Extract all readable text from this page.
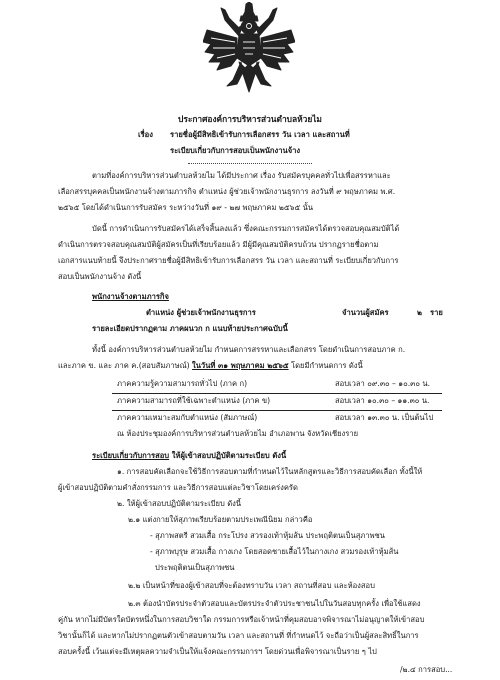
ประกาศองค์การบริหารส่วนตำบลห้วยไม
เรื่อง รายชื่อผู้มีสิทธิเข้ารับการเลือกสรร วัน เวลา และสถานที่
ระเบียบเกี่ยวกับการสอบเป็นพนักงานจ้าง
ตามที่องค์การบริหารส่วนตำบลห้วยไม ได้มีประกาศ เรื่อง รับสมัครบุคคลทั่วไปเพื่อสรรหาและ
เลือกสรรบุคคลเป็นพนักงานจ้างตามภารกิจ ตำแหน่ง ผู้ช่วยเจ้าพนักงานธุรการ ลงวันที่ ๙ พฤษภาคม พ.ศ.
๒๕๖๕ โดยได้ดำเนินการรับสมัคร ระหว่างวันที่ ๑๙ - ๒๗ พฤษภาคม ๒๕๖๕ นั้น
บัดนี้ การดำเนินการรับสมัครได้เสร็จสิ้นลงแล้ว ซึ่งคณะกรรมการสมัครได้ตรวจสอบคุณสมบัติได้
ดำเนินการตรวจสอบคุณสมบัติผู้สมัครเป็นที่เรียบร้อยแล้ว มีผู้มีคุณสมบัติครบถ้วน ปรากฏรายชื่อตาม
เอกสารแนบท้ายนี้ จึงประกาศรายชื่อผู้มีสิทธิเข้ารับการเลือกสรร วัน เวลา และสถานที่ ระเบียบเกี่ยวกับการ
สอบเป็นพนักงานจ้าง ดังนี้
พนักงานจ้างตามภารกิจ
ตำแหน่ง ผู้ช่วยเจ้าพนักงานธุรการ	จำนวนผู้สมัคร	๒ ราย
รายละเอียดปรากฏตาม ภาคผนวก ก แนบท้ายประกาศฉบับนี้
ทั้งนี้ องค์การบริหารส่วนตำบลห้วยไม กำหนดการสรรหาและเลือกสรร โดยดำเนินการสอบภาค ก.
และภาค ข. และ ภาค ค.(สอบสัมภาษณ์) ในวันที่ ๓๑ พฤษภาคม ๒๕๖๕ โดยมีกำหนดการ ดังนี้
ภาคความรู้ความสามารถทั่วไป (ภาค ก)	สอบเวลา ๐๙.๓๐ – ๑๐.๓๐ น.
ภาคความสามารถที่ใช้เฉพาะตำแหน่ง (ภาค ข)	สอบเวลา ๑๐.๓๐ – ๑๑.๓๐ น.
ภาคความเหมาะสมกับตำแหน่ง (สัมภาษณ์)	สอบเวลา ๑๓.๓๐ น. เป็นต้นไป
ณ ห้องประชุมองค์การบริหารส่วนตำบลห้วยไม อำเภอพาน จังหวัดเชียงราย
ระเบียบเกี่ยวกับการสอบ ให้ผู้เข้าสอบปฏิบัติตามระเบียบ ดังนี้
๑. การสอบคัดเลือกจะใช้วิธีการสอบตามที่กำหนดไว้ในหลักสูตรและวิธีการสอบคัดเลือก ทั้งนี้ให้
ผู้เข้าสอบปฏิบัติตามคำสั่งกรรมการ และวิธีการสอบแต่ละวิชาโดยเคร่งครัด
๒. ให้ผู้เข้าสอบปฏิบัติตามระเบียบ ดังนี้
๒.๑ แต่งกายให้สุภาพเรียบร้อยตามประเพณีนิยม กล่าวคือ
- สุภาพสตรี สวมเสื้อ กระโปรง สวรองเท้าหุ้มส้น ประพฤติตนเป็นสุภาพชน
- สุภาพบุรุษ สวมเสื้อ กางเกง โดยสอดชายเสื้อไว้ในกางเกง สวมรองเท้าหุ้มส้น
ประพฤติตนเป็นสุภาพชน
๒.๒ เป็นหน้าที่ของผู้เข้าสอบที่จะต้องทราบวัน เวลา สถานที่สอบ และห้องสอบ
๒.๓ ต้องนำบัตรประจำตัวสอบและบัตรประจำตัวประชาชนไปในวันสอบทุกครั้ง เพื่อใช้แสดง
คู่กัน หากไม่มีบัตรใดบัตรหนึ่งในการสอบวิชาใด กรรมการหรือเจ้าหน้าที่คุมสอบอาจพิจารณาไม่อนุญาตให้เข้าสอบ
วิชานั้นก็ได้ และหากไม่ปรากฏตนตัวเข้าสอบตามวัน เวลา และสถานที่ ที่กำหนดไว้ จะถือว่าเป็นผู้สละสิทธิ์ในการ
สอบครั้งนี้ เว้นแต่จะมีเหตุผลความจำเป็นให้แจ้งคณะกรรมการฯ โดยด่วนเพื่อพิจารณาเป็นราย ๆ ไป
/๒.๔ การสอบ...
